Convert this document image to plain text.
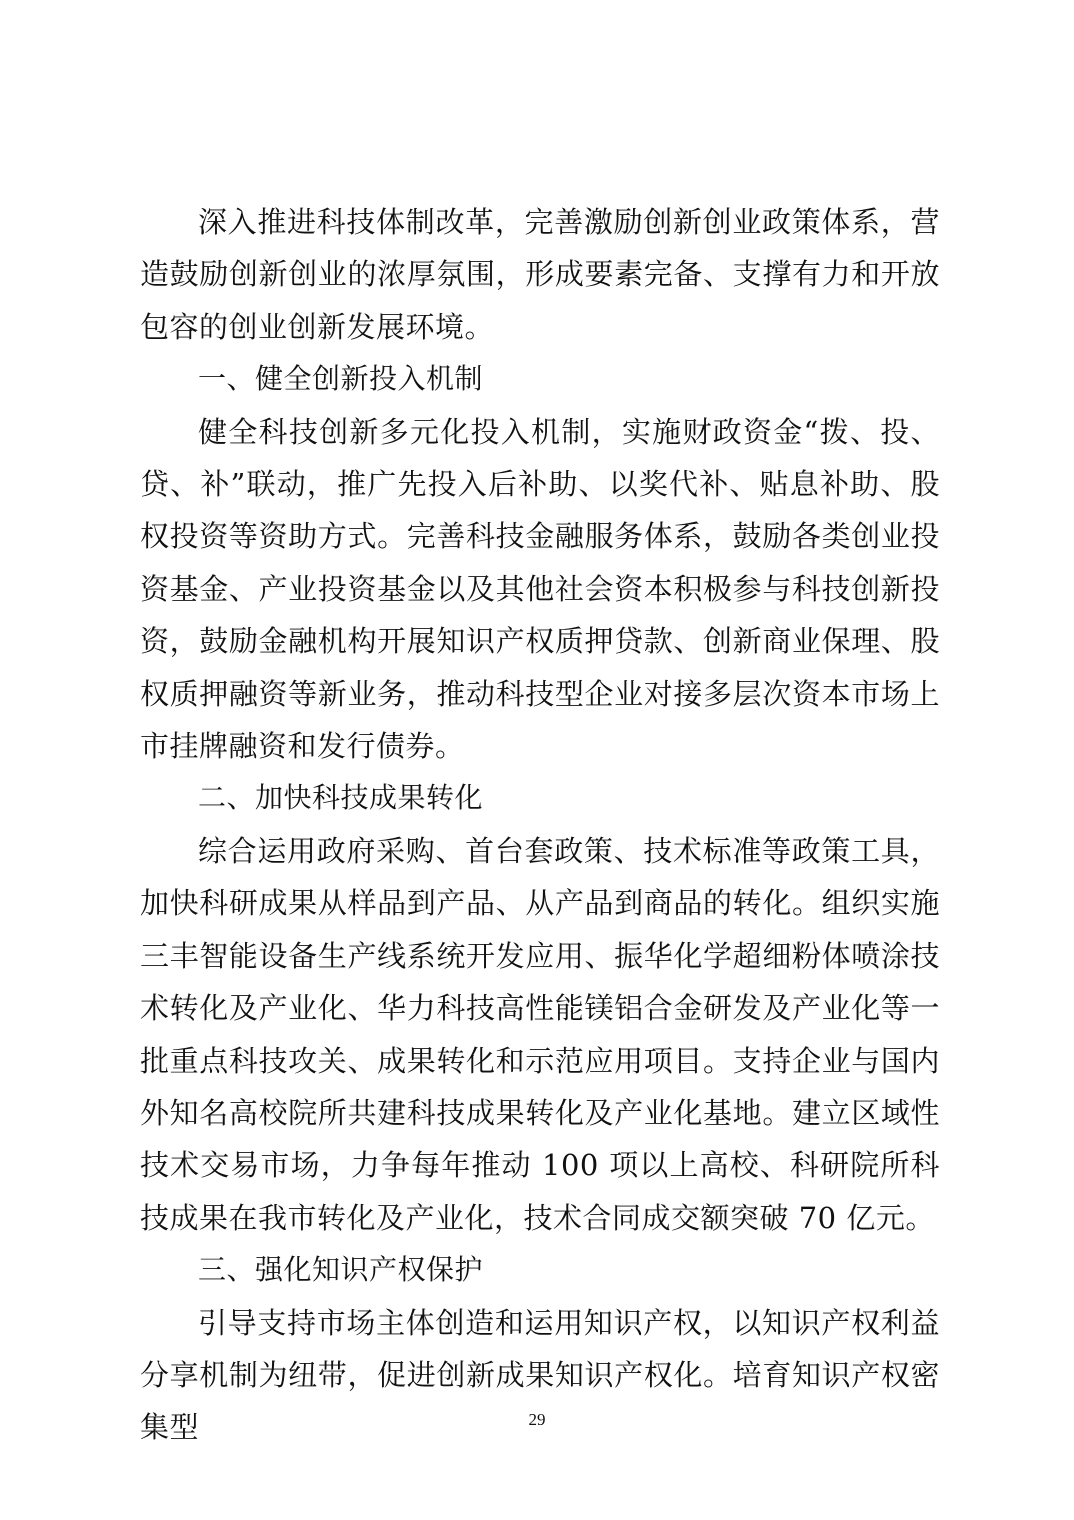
深入推进科技体制改革，完善激励创新创业政策体系，营造鼓励创新创业的浓厚氛围，形成要素完备、支撑有力和开放包容的创业创新发展环境。

一、健全创新投入机制

健全科技创新多元化投入机制，实施财政资金“拨、投、贷、补”联动，推广先投入后补助、以奖代补、贴息补助、股权投资等资助方式。完善科技金融服务体系，鼓励各类创业投资基金、产业投资基金以及其他社会资本积极参与科技创新投资，鼓励金融机构开展知识产权质押贷款、创新商业保理、股权质押融资等新业务，推动科技型企业对接多层次资本市场上市挂牌融资和发行债券。

二、加快科技成果转化

综合运用政府采购、首台套政策、技术标准等政策工具，加快科研成果从样品到产品、从产品到商品的转化。组织实施三丰智能设备生产线系统开发应用、振华化学超细粉体喷涂技术转化及产业化、华力科技高性能镁铝合金研发及产业化等一批重点科技攻关、成果转化和示范应用项目。支持企业与国内外知名高校院所共建科技成果转化及产业化基地。建立区域性技术交易市场，力争每年推动 100 项以上高校、科研院所科技成果在我市转化及产业化，技术合同成交额突破 70 亿元。

三、强化知识产权保护

引导支持市场主体创造和运用知识产权，以知识产权利益分享机制为纽带，促进创新成果知识产权化。培育知识产权密集型	29
